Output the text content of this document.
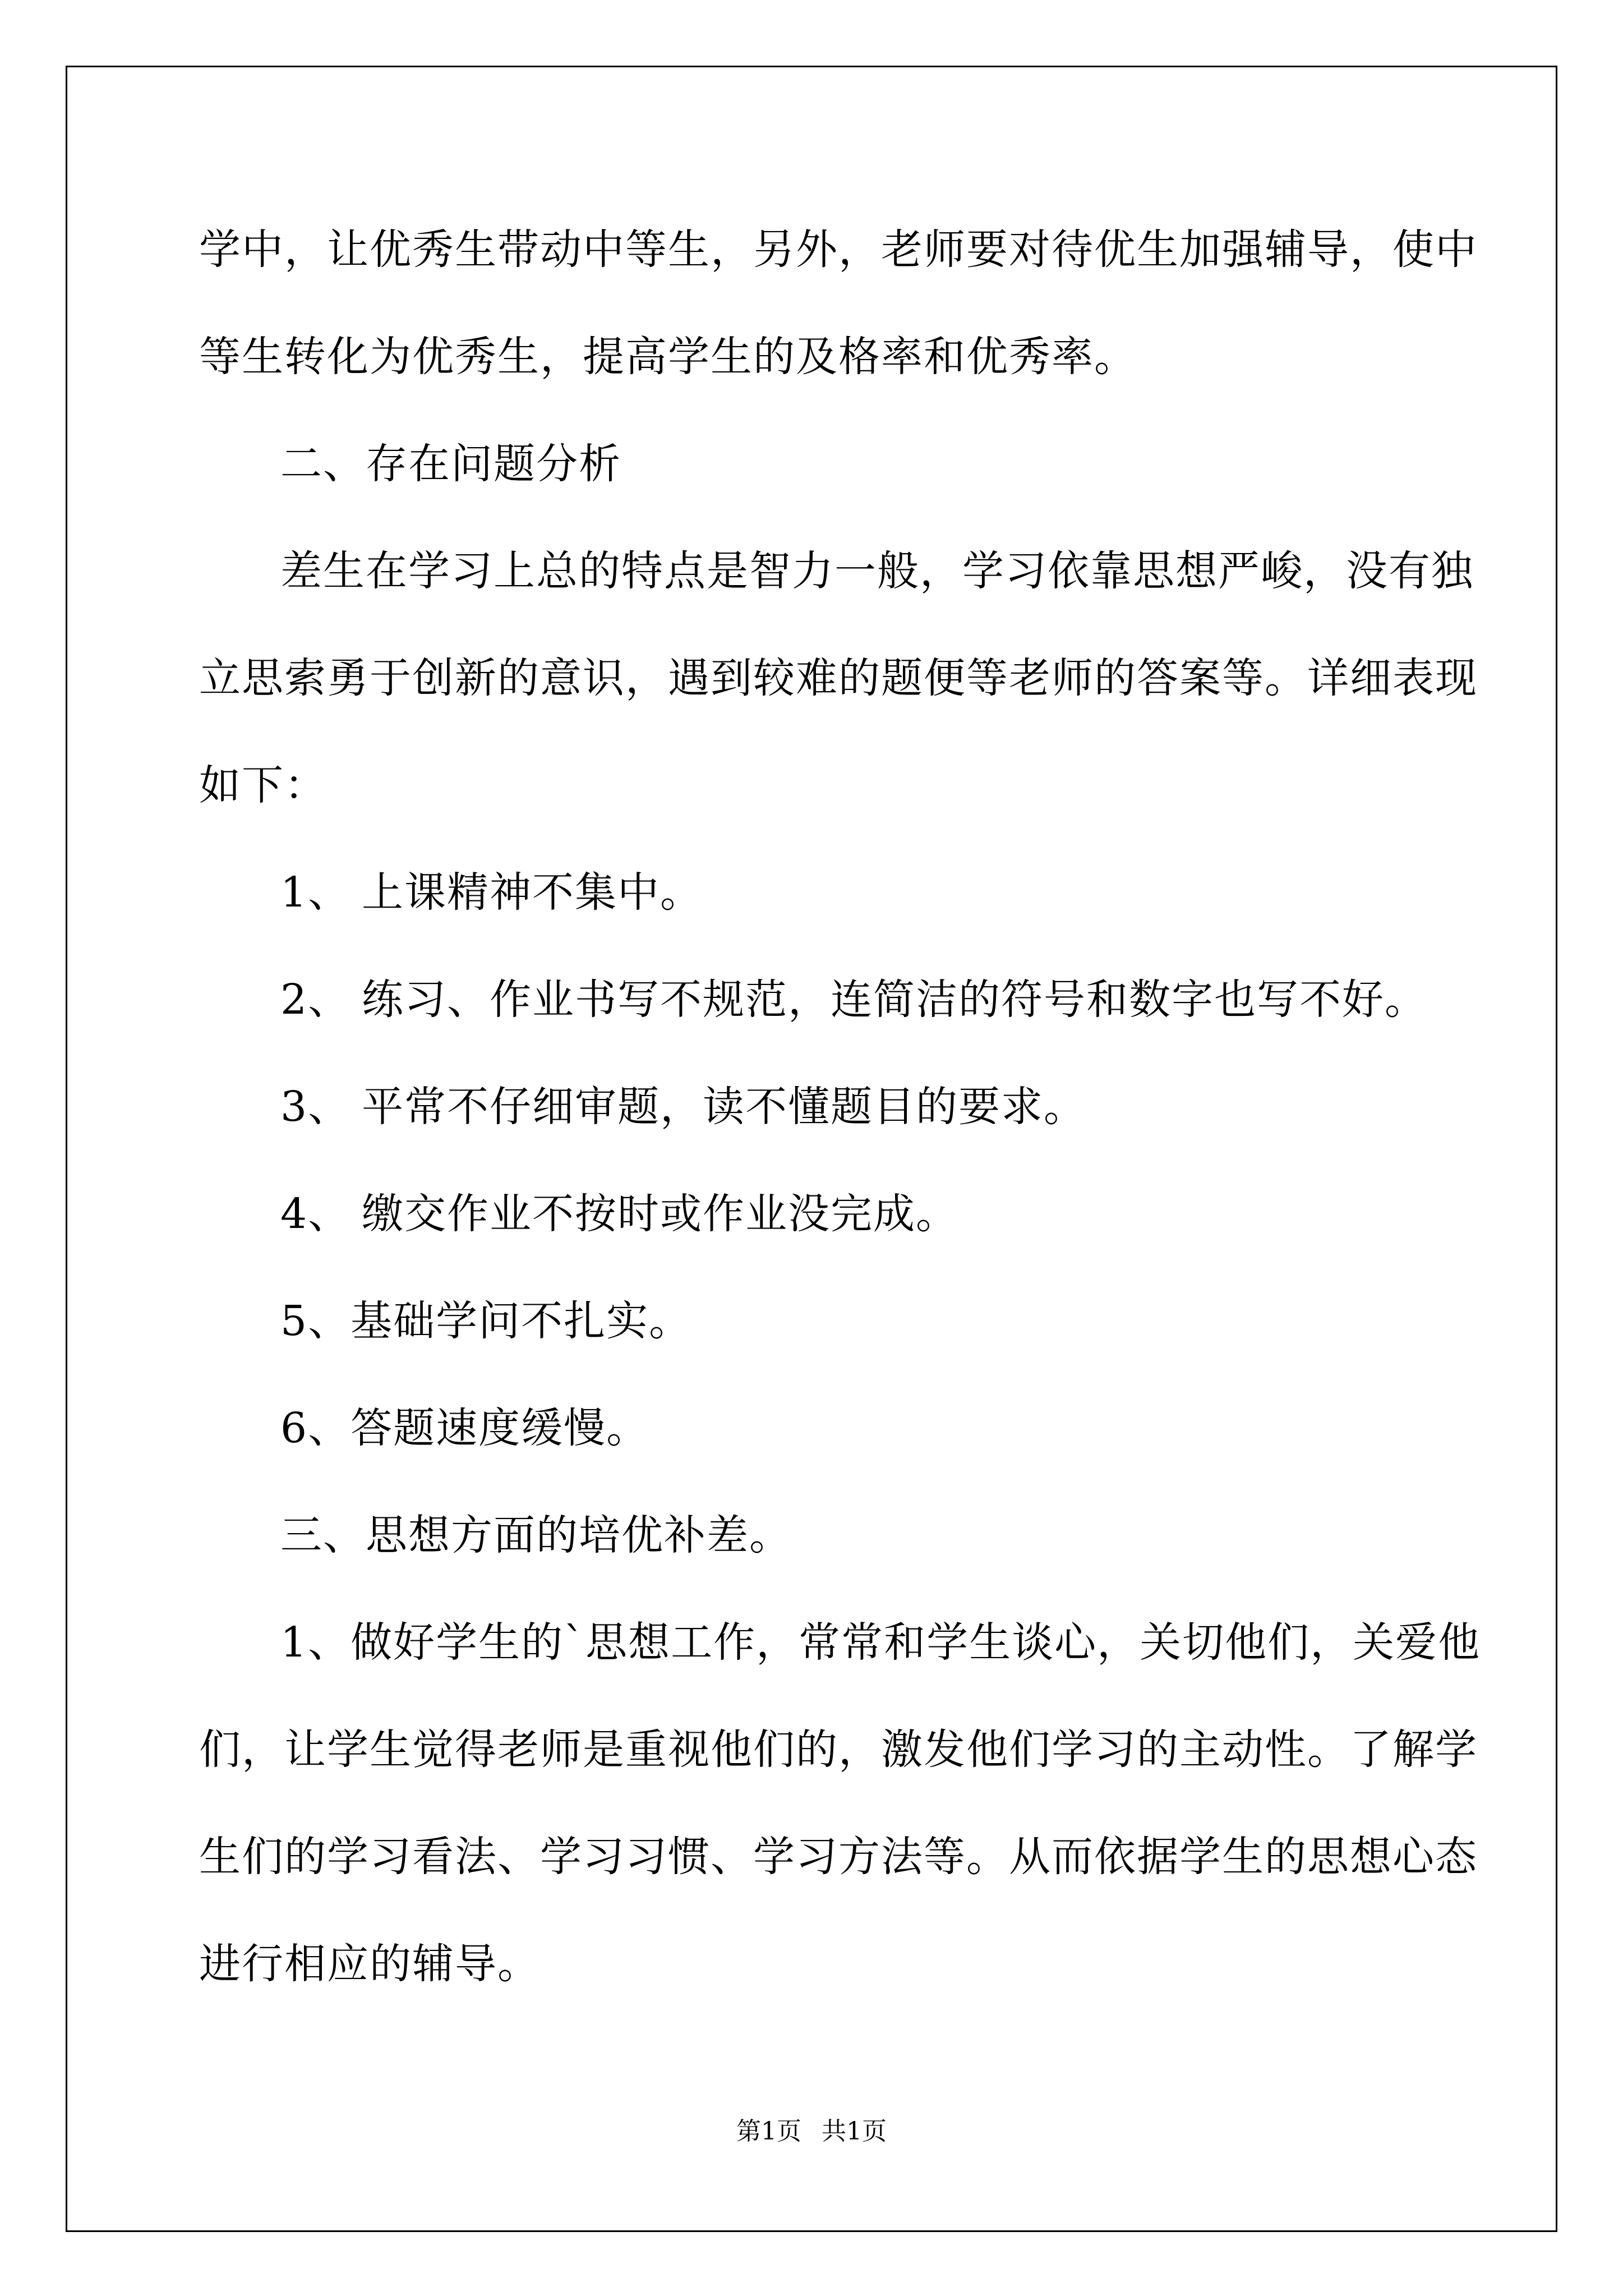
学中，让优秀生带动中等生，另外，老师要对待优生加强辅导，使中
等生转化为优秀生，提高学生的及格率和优秀率。
二、存在问题分析
差生在学习上总的特点是智力一般，学习依靠思想严峻，没有独
立思索勇于创新的意识，遇到较难的题便等老师的答案等。详细表现
如下：
1、 上课精神不集中。
2、 练习、作业书写不规范，连简洁的符号和数字也写不好。
3、 平常不仔细审题，读不懂题目的要求。
4、 缴交作业不按时或作业没完成。
5、基础学问不扎实。
6、答题速度缓慢。
三、思想方面的培优补差。
1、做好学生的`思想工作，常常和学生谈心，关切他们，关爱他
们，让学生觉得老师是重视他们的，激发他们学习的主动性。了解学
生们的学习看法、学习习惯、学习方法等。从而依据学生的思想心态
进行相应的辅导。
第1页 共1页
